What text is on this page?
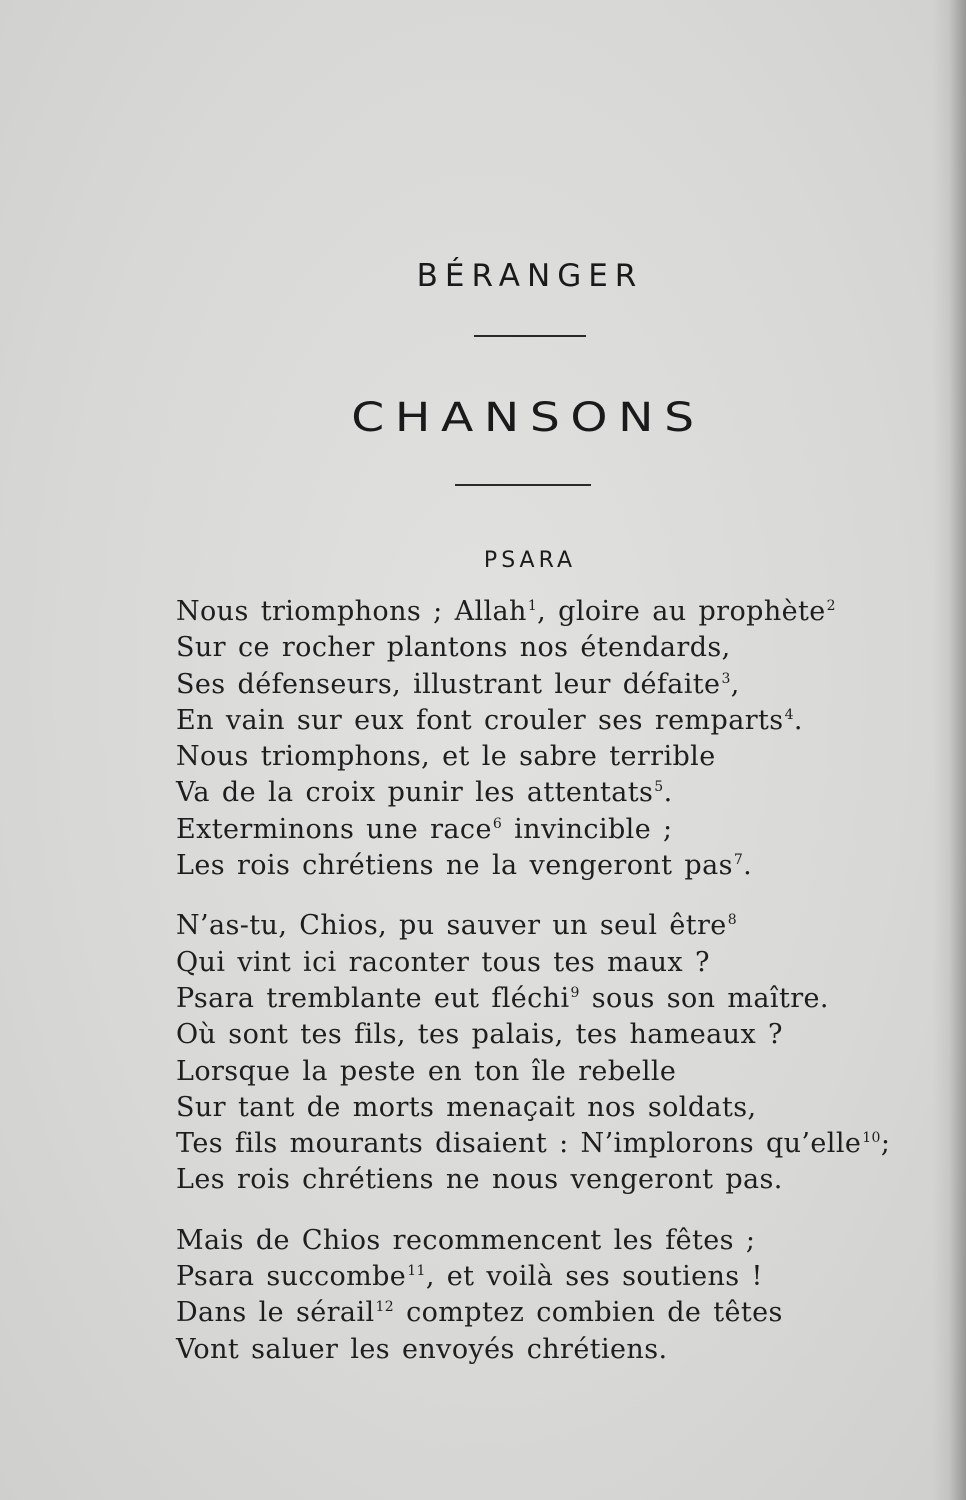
BÉRANGER
CHANSONS
PSARA
Nous triomphons ; Allah$^1$, gloire au prophète$^2$
Sur ce rocher plantons nos étendards,
Ses défenseurs, illustrant leur défaite$^3$,
En vain sur eux font crouler ses remparts$^4$.
Nous triomphons, et le sabre terrible
Va de la croix punir les attentats$^5$.
Exterminons une race$^6$ invincible ;
Les rois chrétiens ne la vengeront pas$^7$.
N’as-tu, Chios, pu sauver un seul être$^8$
Qui vint ici raconter tous tes maux ?
Psara tremblante eut fléchi$^9$ sous son maître.
Où sont tes fils, tes palais, tes hameaux ?
Lorsque la peste en ton île rebelle
Sur tant de morts menaçait nos soldats,
Tes fils mourants disaient : N’implorons qu’elle$^{10}$;
Les rois chrétiens ne nous vengeront pas.
Mais de Chios recommencent les fêtes ;
Psara succombe$^{11}$, et voilà ses soutiens !
Dans le sérail$^{12}$ comptez combien de têtes
Vont saluer les envoyés chrétiens.
